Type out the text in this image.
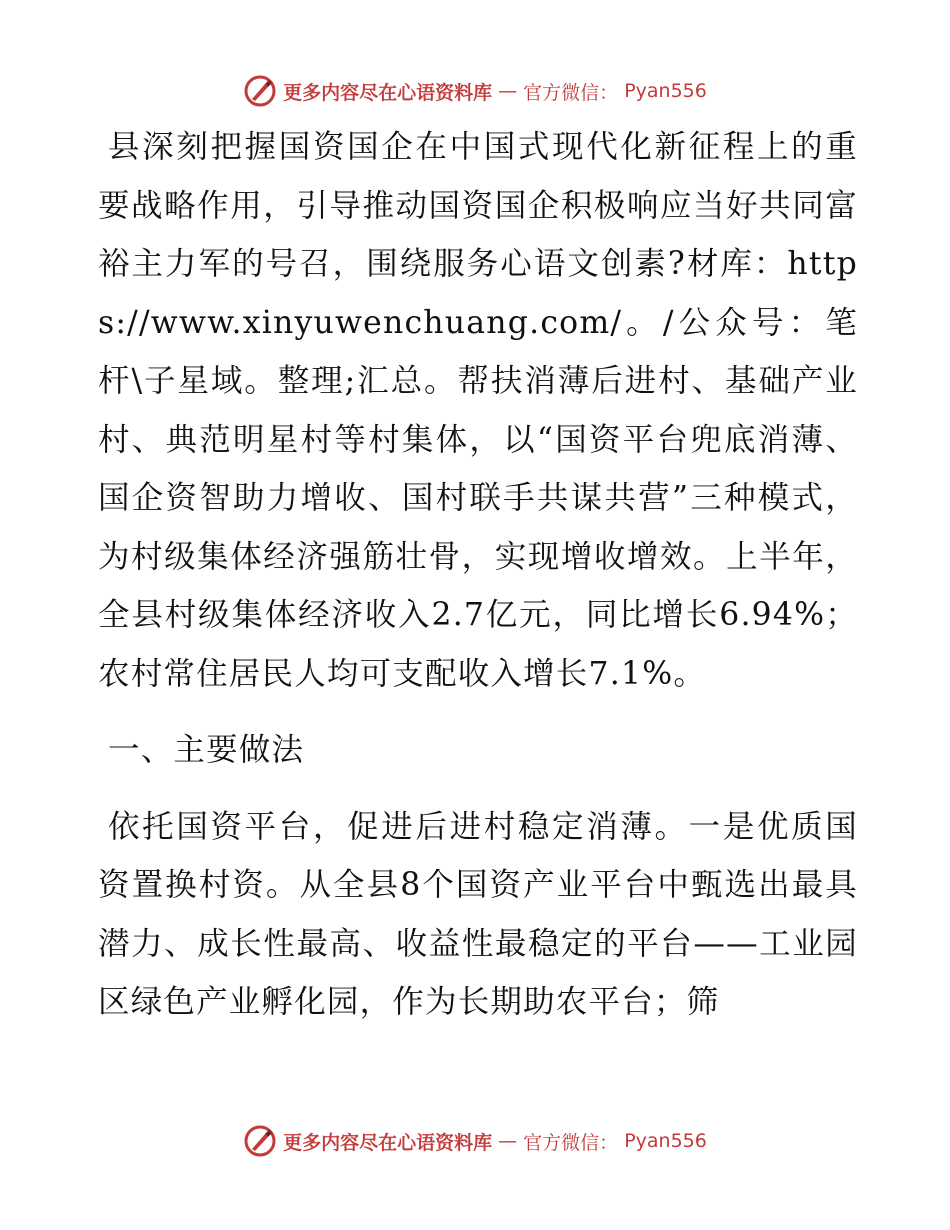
更多内容尽在心语资料库 — 官方微信： Pyan556

县深刻把握国资国企在中国式现代化新征程上的重要战略作用，引导推动国资国企积极响应当好共同富裕主力军的号召，围绕服务心语文创素?材库：https://www.xinyuwenchuang.com/。/公众号：笔杆\子星域。整理;汇总。帮扶消薄后进村、基础产业村、典范明星村等村集体，以“国资平台兜底消薄、国企资智助力增收、国村联手共谋共营”三种模式，为村级集体经济强筋壮骨，实现增收增效。上半年，全县村级集体经济收入2.7亿元，同比增长6.94%；农村常住居民人均可支配收入增长7.1%。

一、主要做法

依托国资平台，促进后进村稳定消薄。一是优质国资置换村资。从全县8个国资产业平台中甄选出最具潜力、成长性最高、收益性最稳定的平台——工业园区绿色产业孵化园，作为长期助农平台；筛

更多内容尽在心语资料库 — 官方微信： Pyan556
